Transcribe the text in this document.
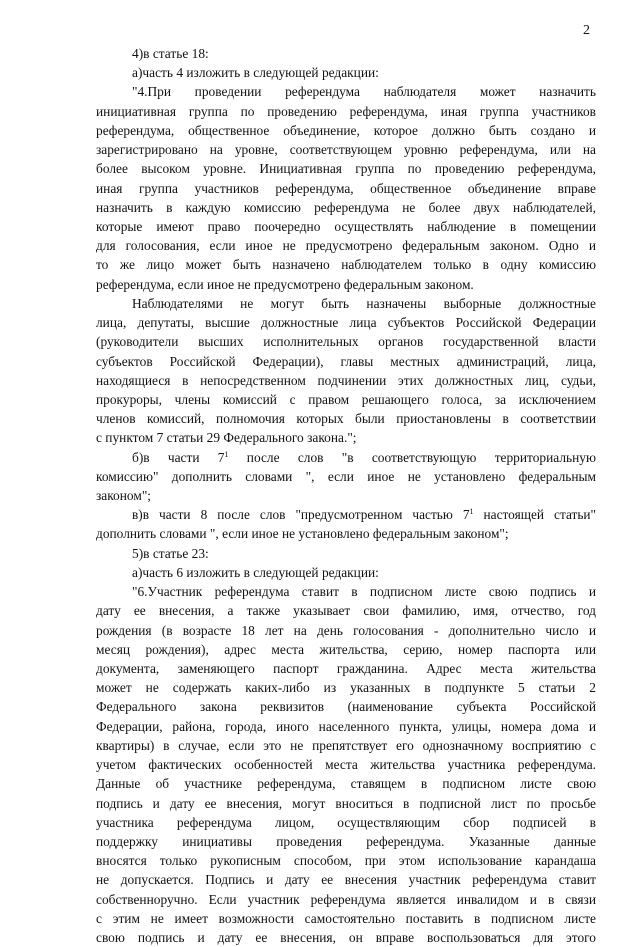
2
4)в статье 18:
а)часть 4 изложить в следующей редакции:
"4.При проведении референдума наблюдателя может назначить
инициативная группа по проведению референдума, иная группа участников
референдума, общественное объединение, которое должно быть создано и
зарегистрировано на уровне, соответствующем уровню референдума, или на
более высоком уровне. Инициативная группа по проведению референдума,
иная группа участников референдума, общественное объединение вправе
назначить в каждую комиссию референдума не более двух наблюдателей,
которые имеют право поочередно осуществлять наблюдение в помещении
для голосования, если иное не предусмотрено федеральным законом. Одно и
то же лицо может быть назначено наблюдателем только в одну комиссию
референдума, если иное не предусмотрено федеральным законом.
Наблюдателями не могут быть назначены выборные должностные
лица, депутаты, высшие должностные лица субъектов Российской Федерации
(руководители высших исполнительных органов государственной власти
субъектов Российской Федерации), главы местных администраций, лица,
находящиеся в непосредственном подчинении этих должностных лиц, судьи,
прокуроры, члены комиссий с правом решающего голоса, за исключением
членов комиссий, полномочия которых были приостановлены в соответствии
с пунктом 7 статьи 29 Федерального закона.";
б)в части $7^1$ после слов "в соответствующую территориальную
комиссию" дополнить словами ", если иное не установлено федеральным
законом";
в)в части 8 после слов "предусмотренном частью $7^1$ настоящей статьи"
дополнить словами ", если иное не установлено федеральным законом";
5)в статье 23:
а)часть 6 изложить в следующей редакции:
"6.Участник референдума ставит в подписном листе свою подпись и
дату ее внесения, а также указывает свои фамилию, имя, отчество, год
рождения (в возрасте 18 лет на день голосования - дополнительно число и
месяц рождения), адрес места жительства, серию, номер паспорта или
документа, заменяющего паспорт гражданина. Адрес места жительства
может не содержать каких-либо из указанных в подпункте 5 статьи 2
Федерального закона реквизитов (наименование субъекта Российской
Федерации, района, города, иного населенного пункта, улицы, номера дома и
квартиры) в случае, если это не препятствует его однозначному восприятию с
учетом фактических особенностей места жительства участника референдума.
Данные об участнике референдума, ставящем в подписном листе свою
подпись и дату ее внесения, могут вноситься в подписной лист по просьбе
участника референдума лицом, осуществляющим сбор подписей в
поддержку инициативы проведения референдума. Указанные данные
вносятся только рукописным способом, при этом использование карандаша
не допускается. Подпись и дату ее внесения участник референдума ставит
собственноручно. Если участник референдума является инвалидом и в связи
с этим не имеет возможности самостоятельно поставить в подписном листе
свою подпись и дату ее внесения, он вправе воспользоваться для этого
